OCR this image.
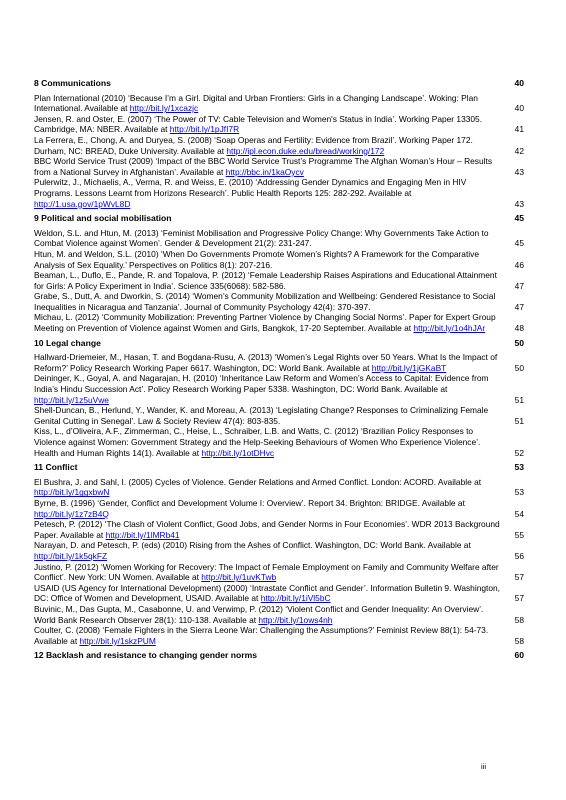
8 Communications	40
Plan International (2010) ‘Because I’m a Girl. Digital and Urban Frontiers: Girls in a Changing Landscape’. Woking: Plan International. Available at http://bit.ly/1xcazjc	40
Jensen, R. and Oster, E. (2007) ‘The Power of TV: Cable Television and Women's Status in India’. Working Paper 13305. Cambridge, MA: NBER. Available at http://bit.ly/1pJfI7R	41
La Ferrera, E., Chong, A. and Duryea, S. (2008) ‘Soap Operas and Fertility: Evidence from Brazil’. Working Paper 172. Durham, NC: BREAD, Duke University. Available at http://ipl.econ.duke.edu/bread/working/172	42
BBC World Service Trust (2009) ‘Impact of the BBC World Service Trust’s Programme The Afghan Woman’s Hour – Results from a National Survey in Afghanistan’. Available at http://bbc.in/1kaOycv	43
Pulerwitz, J., Michaelis, A., Verma, R. and Weiss, E. (2010) ‘Addressing Gender Dynamics and Engaging Men in HIV Programs. Lessons Learnt from Horizons Research’. Public Health Reports 125: 282-292. Available at http://1.usa.gov/1pWvL8D	43
9 Political and social mobilisation	45
Weldon, S.L. and Htun, M. (2013) ‘Feminist Mobilisation and Progressive Policy Change: Why Governments Take Action to Combat Violence against Women’. Gender & Development 21(2): 231-247.	45
Htun, M. and Weldon, S.L. (2010) ‘When Do Governments Promote Women’s Rights? A Framework for the Comparative Analysis of Sex Equality.’ Perspectives on Politics 8(1): 207-216.	46
Beaman, L., Duflo, E., Pande, R. and Topalova, P. (2012) ‘Female Leadership Raises Aspirations and Educational Attainment for Girls: A Policy Experiment in India’. Science 335(6068): 582-586.	47
Grabe, S., Dutt, A. and Dworkin, S. (2014) ‘Women’s Community Mobilization and Wellbeing: Gendered Resistance to Social Inequalities in Nicaragua and Tanzania’. Journal of Community Psychology 42(4): 370-397.	47
Michau, L. (2012) ‘Community Mobilization: Preventing Partner Violence by Changing Social Norms’. Paper for Expert Group Meeting on Prevention of Violence against Women and Girls, Bangkok, 17-20 September. Available at http://bit.ly/1o4hJAr	48
10 Legal change	50
Hallward-Driemeier, M., Hasan, T. and Bogdana-Rusu, A. (2013) ‘Women’s Legal Rights over 50 Years. What Is the Impact of Reform?’ Policy Research Working Paper 6617. Washington, DC: World Bank. Available at http://bit.ly/1jGKaBT	50
Deininger, K., Goyal, A. and Nagarajan, H. (2010) ‘Inheritance Law Reform and Women’s Access to Capital: Evidence from India’s Hindu Succession Act’. Policy Research Working Paper 5338. Washington, DC: World Bank. Available at http://bit.ly/1z5uVwe	51
Shell-Duncan, B., Herlund, Y., Wander, K. and Moreau, A. (2013) ‘Legislating Change? Responses to Criminalizing Female Genital Cutting in Senegal’. Law & Society Review 47(4): 803-835.	51
Kiss, L., d’Oliveira, A.F., Zimmerman, C., Heise, L., Schraiber, L.B. and Watts, C. (2012) ‘Brazilian Policy Responses to Violence against Women: Government Strategy and the Help-Seeking Behaviours of Women Who Experience Violence’. Health and Human Rights 14(1). Available at http://bit.ly/1otDHvc	52
11 Conflict	53
El Bushra, J. and Sahl, I. (2005) Cycles of Violence. Gender Relations and Armed Conflict. London: ACORD. Available at http://bit.ly/1ggxbwN	53
Byrne, B. (1996) ‘Gender, Conflict and Development Volume I: Overview’. Report 34. Brighton: BRIDGE. Available at http://bit.ly/1z7zB4Q	54
Petesch, P. (2012) ‘The Clash of Violent Conflict, Good Jobs, and Gender Norms in Four Economies’. WDR 2013 Background Paper. Available at http://bit.ly/1lMRb41	55
Narayan, D. and Petesch, P. (eds) (2010) Rising from the Ashes of Conflict. Washington, DC: World Bank. Available at http://bit.ly/1k5qkFZ	56
Justino, P. (2012) ‘Women Working for Recovery: The Impact of Female Employment on Family and Community Welfare after Conflict’. New York: UN Women. Available at http://bit.ly/1uvKTwb	57
USAID (US Agency for International Development) (2000) ‘Intrastate Conflict and Gender’. Information Bulletin 9. Washington, DC: Office of Women and Development, USAID. Available at http://bit.ly/1iVl5bC	57
Buvinic, M., Das Gupta, M., Casabonne, U. and Verwimp, P. (2012) ‘Violent Conflict and Gender Inequality: An Overview’. World Bank Research Observer 28(1): 110-138. Available at http://bit.ly/1ows4nh	58
Coulter, C. (2008) ‘Female Fighters in the Sierra Leone War: Challenging the Assumptions?’ Feminist Review 88(1): 54-73. Available at http://bit.ly/1skzPUM	58
12 Backlash and resistance to changing gender norms	60
iii
